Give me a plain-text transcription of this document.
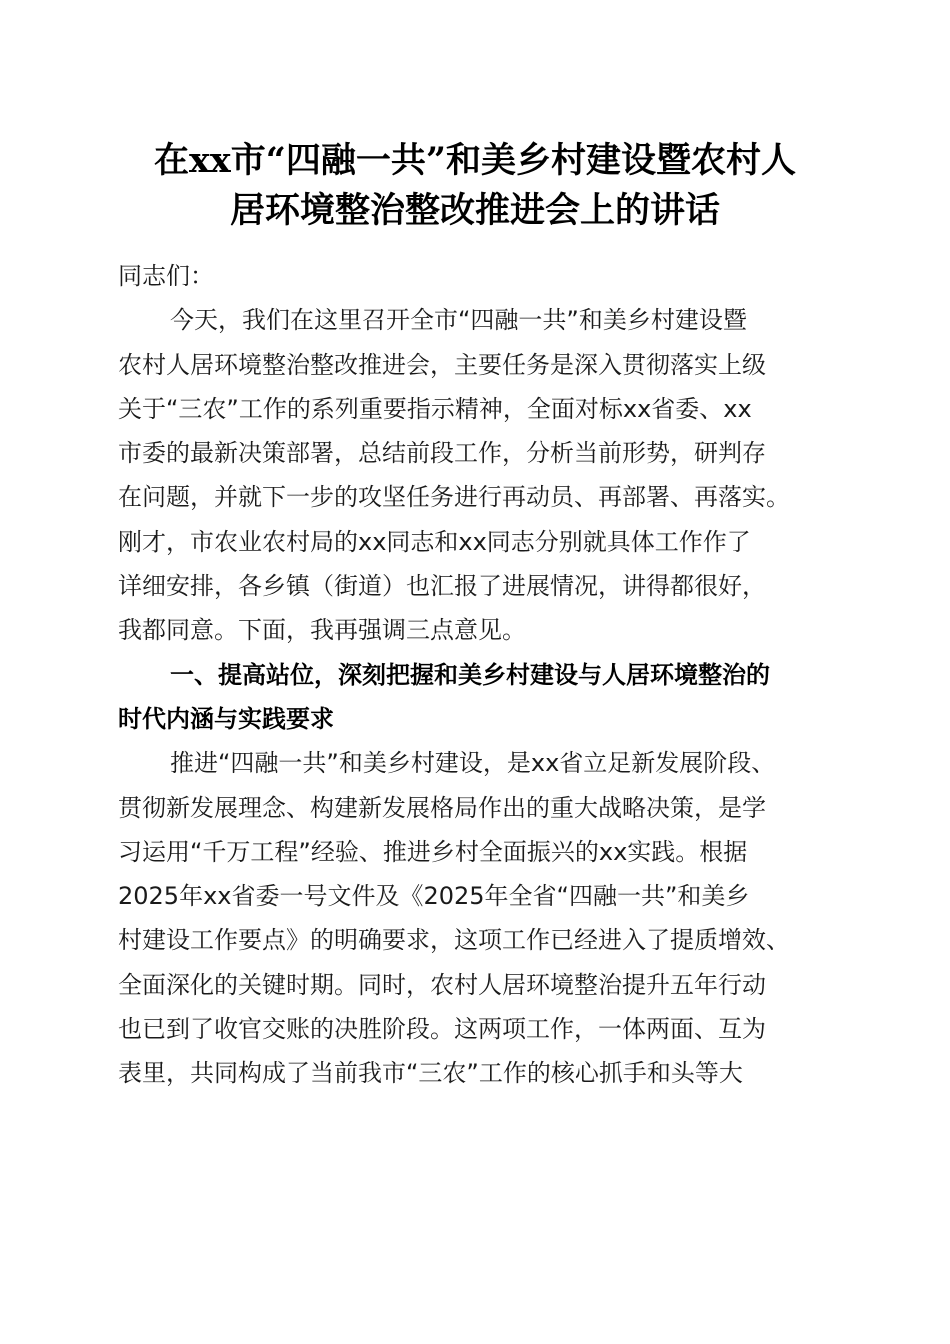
在xx市“四融一共”和美乡村建设暨农村人
居环境整治整改推进会上的讲话
同志们：
今天，我们在这里召开全市“四融一共”和美乡村建设暨
农村人居环境整治整改推进会，主要任务是深入贯彻落实上级
关于“三农”工作的系列重要指示精神，全面对标xx省委、xx
市委的最新决策部署，总结前段工作，分析当前形势，研判存
在问题，并就下一步的攻坚任务进行再动员、再部署、再落实。
刚才，市农业农村局的xx同志和xx同志分别就具体工作作了
详细安排，各乡镇（街道）也汇报了进展情况，讲得都很好，
我都同意。下面，我再强调三点意见。
一、提高站位，深刻把握和美乡村建设与人居环境整治的
时代内涵与实践要求
推进“四融一共”和美乡村建设，是xx省立足新发展阶段、
贯彻新发展理念、构建新发展格局作出的重大战略决策，是学
习运用“千万工程”经验、推进乡村全面振兴的xx实践。根据
2025年xx省委一号文件及《2025年全省“四融一共”和美乡
村建设工作要点》的明确要求，这项工作已经进入了提质增效、
全面深化的关键时期。同时，农村人居环境整治提升五年行动
也已到了收官交账的决胜阶段。这两项工作，一体两面、互为
表里，共同构成了当前我市“三农”工作的核心抓手和头等大
